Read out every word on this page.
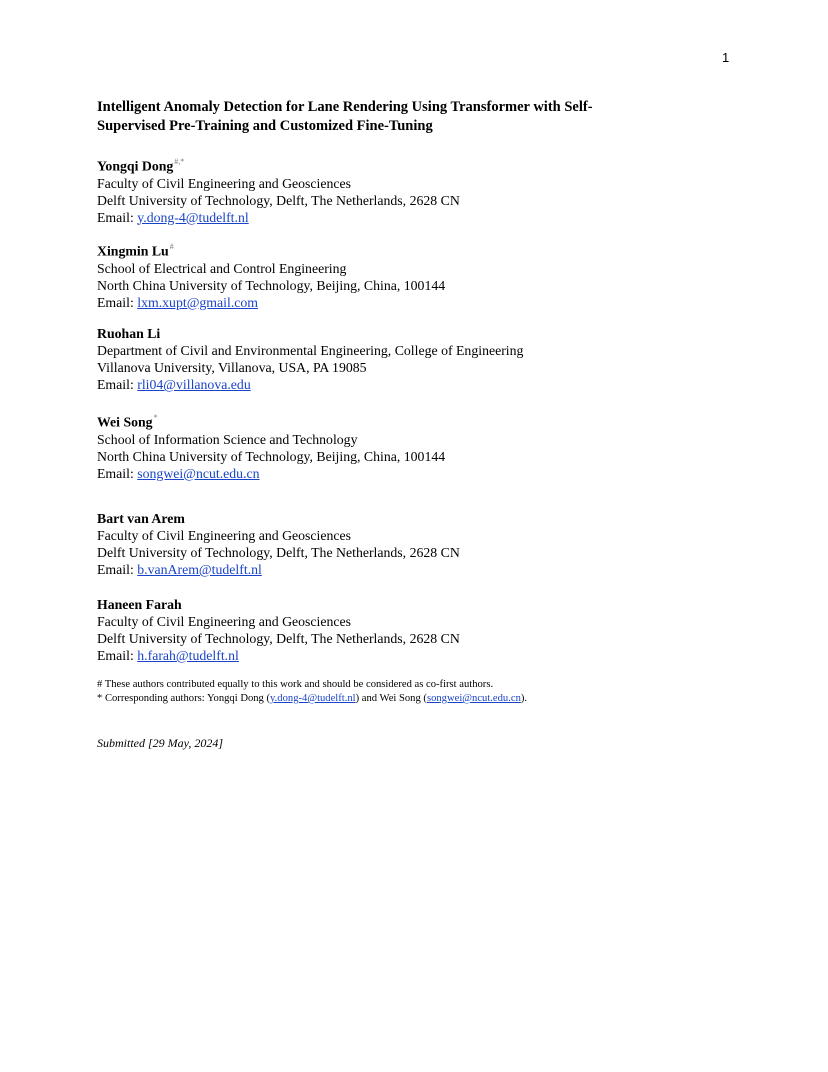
1
Intelligent Anomaly Detection for Lane Rendering Using Transformer with Self-
Supervised Pre-Training and Customized Fine-Tuning
Yongqi Dong#,*
Faculty of Civil Engineering and Geosciences
Delft University of Technology, Delft, The Netherlands, 2628 CN
Email: y.dong-4@tudelft.nl
Xingmin Lu#
School of Electrical and Control Engineering
North China University of Technology, Beijing, China, 100144
Email: lxm.xupt@gmail.com
Ruohan Li
Department of Civil and Environmental Engineering, College of Engineering
Villanova University, Villanova, USA, PA 19085
Email: rli04@villanova.edu
Wei Song*
School of Information Science and Technology
North China University of Technology, Beijing, China, 100144
Email: songwei@ncut.edu.cn
Bart van Arem
Faculty of Civil Engineering and Geosciences
Delft University of Technology, Delft, The Netherlands, 2628 CN
Email: b.vanArem@tudelft.nl
Haneen Farah
Faculty of Civil Engineering and Geosciences
Delft University of Technology, Delft, The Netherlands, 2628 CN
Email: h.farah@tudelft.nl
# These authors contributed equally to this work and should be considered as co-first authors.
* Corresponding authors: Yongqi Dong (y.dong-4@tudelft.nl) and Wei Song (songwei@ncut.edu.cn).
Submitted [29 May, 2024]
